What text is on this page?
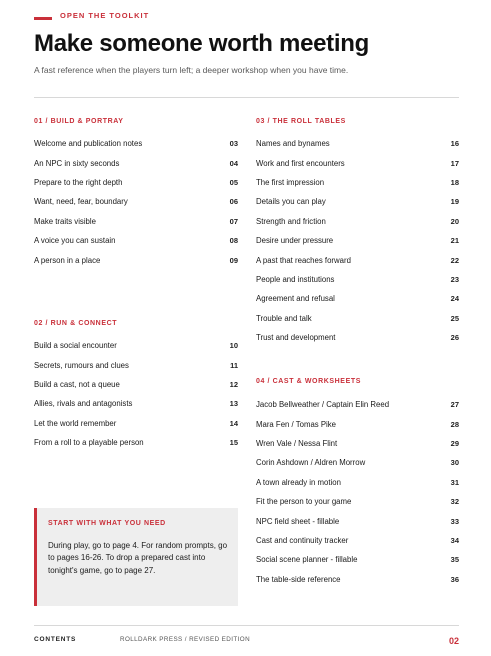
OPEN THE TOOLKIT
Make someone worth meeting

A fast reference when the players turn left; a deeper workshop when you have time.

01 / BUILD & PORTRAY
Welcome and publication notes	03
An NPC in sixty seconds	04
Prepare to the right depth	05
Want, need, fear, boundary	06
Make traits visible	07
A voice you can sustain	08
A person in a place	09
02 / RUN & CONNECT
Build a social encounter	10
Secrets, rumours and clues	11
Build a cast, not a queue	12
Allies, rivals and antagonists	13
Let the world remember	14
From a roll to a playable person	15
03 / THE ROLL TABLES
Names and bynames	16
Work and first encounters	17
The first impression	18
Details you can play	19
Strength and friction	20
Desire under pressure	21
A past that reaches forward	22
People and institutions	23
Agreement and refusal	24
Trouble and talk	25
Trust and development	26
04 / CAST & WORKSHEETS
Jacob Bellweather / Captain Elin Reed	27
Mara Fen / Tomas Pike	28
Wren Vale / Nessa Flint	29
Corin Ashdown / Aldren Morrow	30
A town already in motion	31
Fit the person to your game	32
NPC field sheet - fillable	33
Cast and continuity tracker	34
Social scene planner - fillable	35
The table-side reference	36
START WITH WHAT YOU NEED
During play, go to page 4. For random prompts, go to pages 16-26. To drop a prepared cast into tonight's game, go to page 27.
CONTENTS	ROLLDARK PRESS / REVISED EDITION	02
